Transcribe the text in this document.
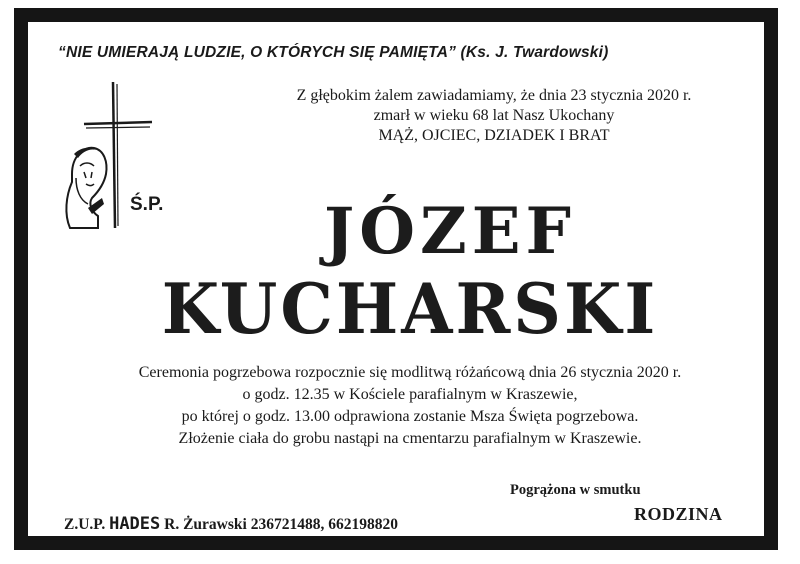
“NIE UMIERAJĄ LUDZIE, O KTÓRYCH SIĘ PAMIĘTA” (Ks. J. Twardowski)
Z głębokim żalem zawiadamiamy, że dnia 23 stycznia 2020 r.
zmarł w wieku 68 lat Nasz Ukochany
MĄŻ, OJCIEC, DZIADEK I BRAT
Ś.P.	JÓZEF
KUCHARSKI
Ceremonia pogrzebowa rozpocznie się modlitwą różańcową dnia 26 stycznia 2020 r.
o godz. 12.35 w Kościele parafialnym w Kraszewie,
po której o godz. 13.00 odprawiona zostanie Msza Święta pogrzebowa.
Złożenie ciała do grobu nastąpi na cmentarzu parafialnym w Kraszewie.
Pogrążona w smutku
RODZINA
Z.U.P. HADES R. Żurawski 236721488, 662198820
